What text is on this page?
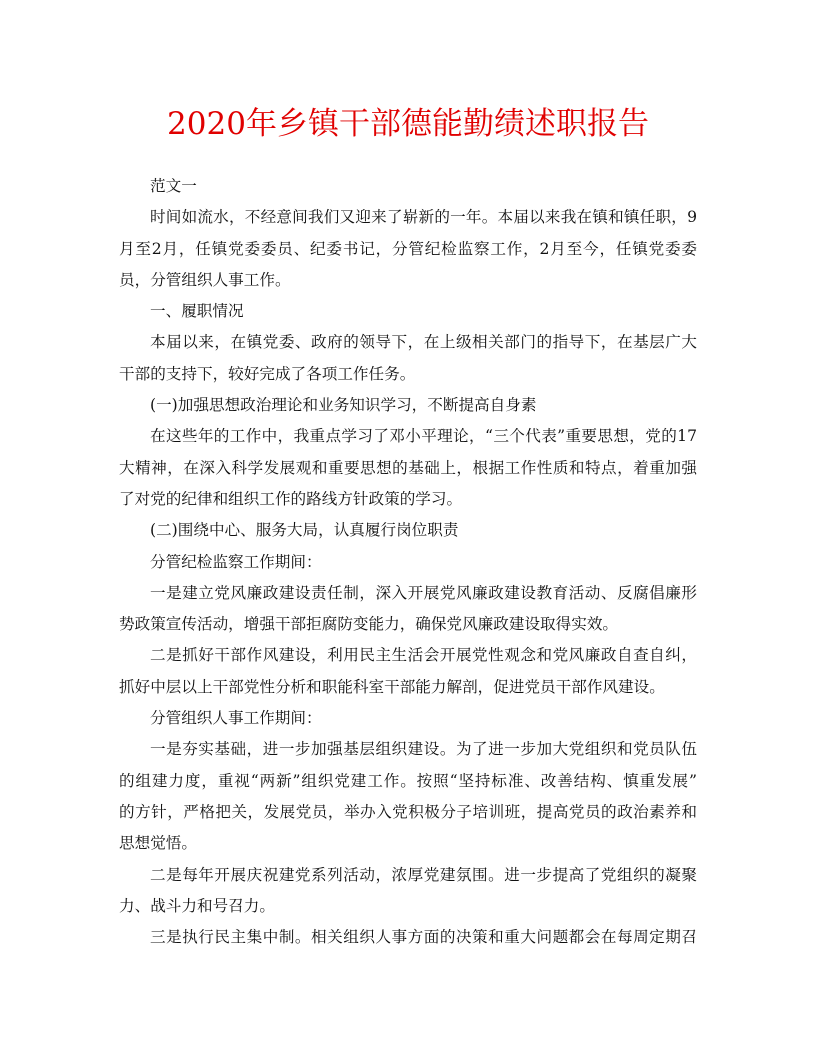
2020年乡镇干部德能勤绩述职报告
范文一
时间如流水，不经意间我们又迎来了崭新的一年。本届以来我在镇和镇任职，9
月至2月，任镇党委委员、纪委书记，分管纪检监察工作，2月至今，任镇党委委
员，分管组织人事工作。
一、履职情况
本届以来，在镇党委、政府的领导下，在上级相关部门的指导下，在基层广大
干部的支持下，较好完成了各项工作任务。
(一)加强思想政治理论和业务知识学习，不断提高自身素
在这些年的工作中，我重点学习了邓小平理论，“三个代表”重要思想，党的17
大精神，在深入科学发展观和重要思想的基础上，根据工作性质和特点，着重加强
了对党的纪律和组织工作的路线方针政策的学习。
(二)围绕中心、服务大局，认真履行岗位职责
分管纪检监察工作期间：
一是建立党风廉政建设责任制，深入开展党风廉政建设教育活动、反腐倡廉形
势政策宣传活动，增强干部拒腐防变能力，确保党风廉政建设取得实效。
二是抓好干部作风建设，利用民主生活会开展党性观念和党风廉政自查自纠，
抓好中层以上干部党性分析和职能科室干部能力解剖，促进党员干部作风建设。
分管组织人事工作期间：
一是夯实基础，进一步加强基层组织建设。为了进一步加大党组织和党员队伍
的组建力度，重视“两新”组织党建工作。按照“坚持标准、改善结构、慎重发展”
的方针，严格把关，发展党员，举办入党积极分子培训班，提高党员的政治素养和
思想觉悟。
二是每年开展庆祝建党系列活动，浓厚党建氛围。进一步提高了党组织的凝聚
力、战斗力和号召力。
三是执行民主集中制。相关组织人事方面的决策和重大问题都会在每周定期召
